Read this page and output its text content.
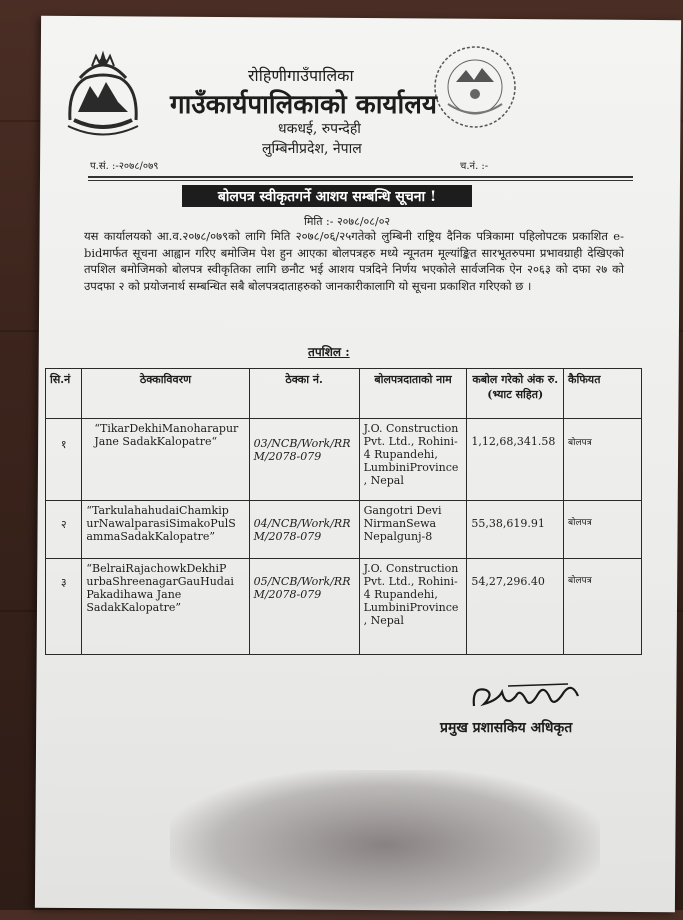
रोहिणीगाउँपालिका
गाउँकार्यपालिकाको कार्यालय
धकधई, रुपन्देही
लुम्बिनीप्रदेश, नेपाल
प.सं. :-२०७८/०७९	च.नं. :-
बोलपत्र स्वीकृतगर्ने आशय सम्बन्धि सूचना !
मिति :- २०७८/०८/०२
यस कार्यालयको आ.व.२०७८/०७९को लागि मिति २०७८/०६/२५गतेको लुम्बिनी राष्ट्रिय दैनिक पत्रिकामा पहिलोपटक प्रकाशित e-bidमार्फत सूचना आह्वान गरिए बमोजिम पेश हुन आएका बोलपत्रहरु मध्ये न्यूनतम मूल्यांङ्कित सारभूतरुपमा प्रभावग्राही देखिएको तपशिल बमोजिमको बोलपत्र स्वीकृतिका लागि छनौट भई आशय पत्रदिने निर्णय भएकोले सार्वजनिक ऐन २०६३ को दफा २७ को उपदफा २ को प्रयोजनार्थ सम्बन्धित सबै बोलपत्रदाताहरुको जानकारीकालागि यो सूचना प्रकाशित गरिएको छ ।
तपशिल :
सि.नं	ठेक्काविवरण	ठेक्का नं.	बोलपत्रदाताको नाम	कबोल गरेको अंक रु.(भ्याट सहित)	कैफियत
१	“TikarDekhiManoharapur Jane SadakKalopatre“	03/NCB/Work/RR M/2078-079	J.O. Construction Pvt. Ltd., Rohini-4 Rupandehi, LumbiniProvince , Nepal	1,12,68,341.58	बोलपत्र
२	“TarkulahahudaiChamkip urNawalparasiSimakoPulS ammaSadakKalopatre”	04/NCB/Work/RR M/2078-079	Gangotri Devi NirmanSewa Nepalgunj-8	55,38,619.91	बोलपत्र
३	“BelraiRajachowkDekhiP urbaShreenagarGauHudai Pakadihawa Jane SadakKalopatre”	05/NCB/Work/RR M/2078-079	J.O. Construction Pvt. Ltd., Rohini-4 Rupandehi, LumbiniProvince , Nepal	54,27,296.40	बोलपत्र
प्रमुख प्रशासकिय अधिकृत
